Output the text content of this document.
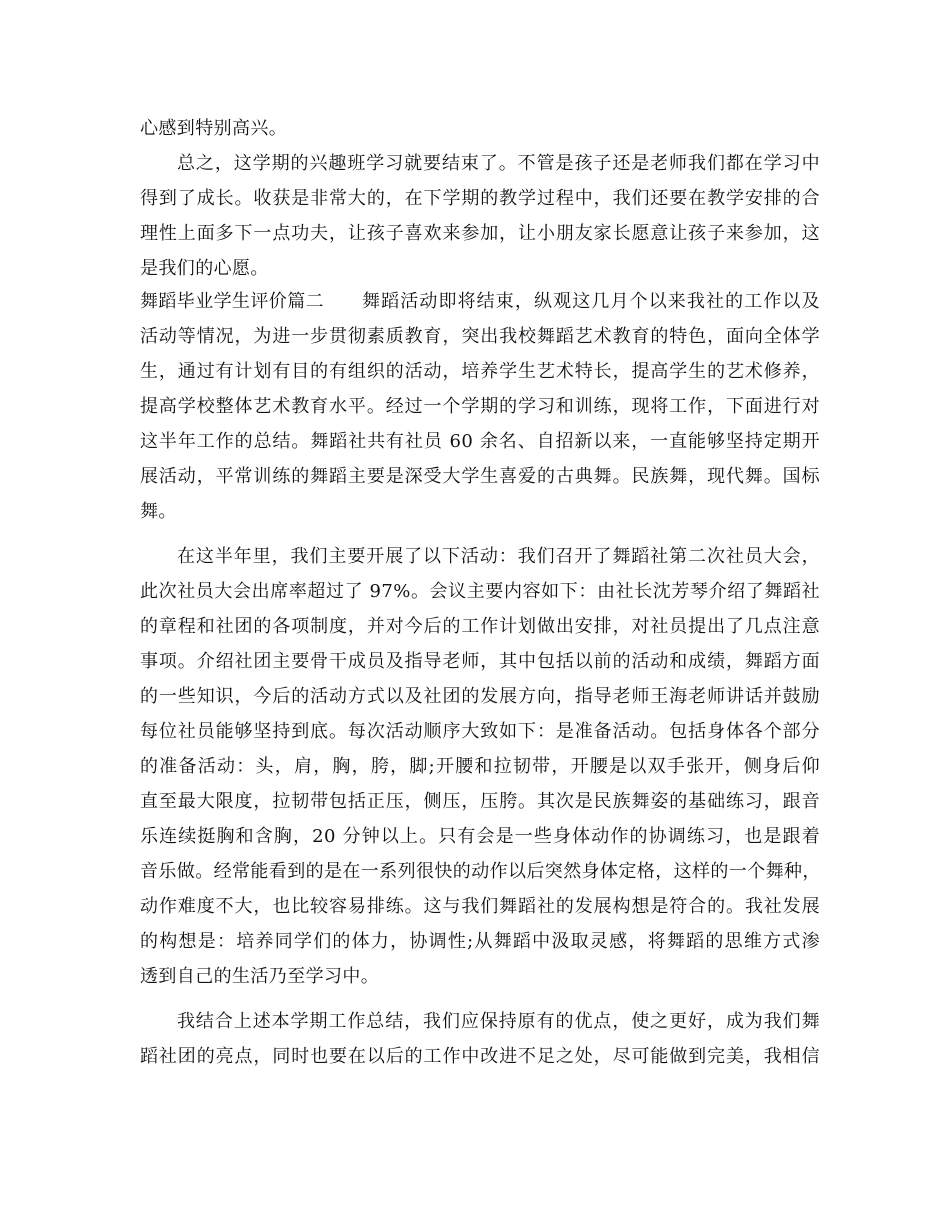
心感到特别高兴。
总之，这学期的兴趣班学习就要结束了。不管是孩子还是老师我们都在学习中
得到了成长。收获是非常大的，在下学期的教学过程中，我们还要在教学安排的合
理性上面多下一点功夫，让孩子喜欢来参加，让小朋友家长愿意让孩子来参加，这
是我们的心愿。
舞蹈毕业学生评价篇二 舞蹈活动即将结束，纵观这几月个以来我社的工作以及
活动等情况，为进一步贯彻素质教育，突出我校舞蹈艺术教育的特色，面向全体学
生，通过有计划有目的有组织的活动，培养学生艺术特长，提高学生的艺术修养，
提高学校整体艺术教育水平。经过一个学期的学习和训练，现将工作，下面进行对
这半年工作的总结。舞蹈社共有社员 60 余名、自招新以来，一直能够坚持定期开
展活动，平常训练的舞蹈主要是深受大学生喜爱的古典舞。民族舞，现代舞。国标
舞。
在这半年里，我们主要开展了以下活动：我们召开了舞蹈社第二次社员大会，
此次社员大会出席率超过了 97%。会议主要内容如下：由社长沈芳琴介绍了舞蹈社
的章程和社团的各项制度，并对今后的工作计划做出安排，对社员提出了几点注意
事项。介绍社团主要骨干成员及指导老师，其中包括以前的活动和成绩，舞蹈方面
的一些知识，今后的活动方式以及社团的发展方向，指导老师王海老师讲话并鼓励
每位社员能够坚持到底。每次活动顺序大致如下：是准备活动。包括身体各个部分
的准备活动：头，肩，胸，胯，脚;开腰和拉韧带，开腰是以双手张开，侧身后仰
直至最大限度，拉韧带包括正压，侧压，压胯。其次是民族舞姿的基础练习，跟音
乐连续挺胸和含胸，20 分钟以上。只有会是一些身体动作的协调练习，也是跟着
音乐做。经常能看到的是在一系列很快的动作以后突然身体定格，这样的一个舞种，
动作难度不大，也比较容易排练。这与我们舞蹈社的发展构想是符合的。我社发展
的构想是：培养同学们的体力，协调性;从舞蹈中汲取灵感，将舞蹈的思维方式渗
透到自己的生活乃至学习中。
我结合上述本学期工作总结，我们应保持原有的优点，使之更好，成为我们舞
蹈社团的亮点，同时也要在以后的工作中改进不足之处，尽可能做到完美，我相信
